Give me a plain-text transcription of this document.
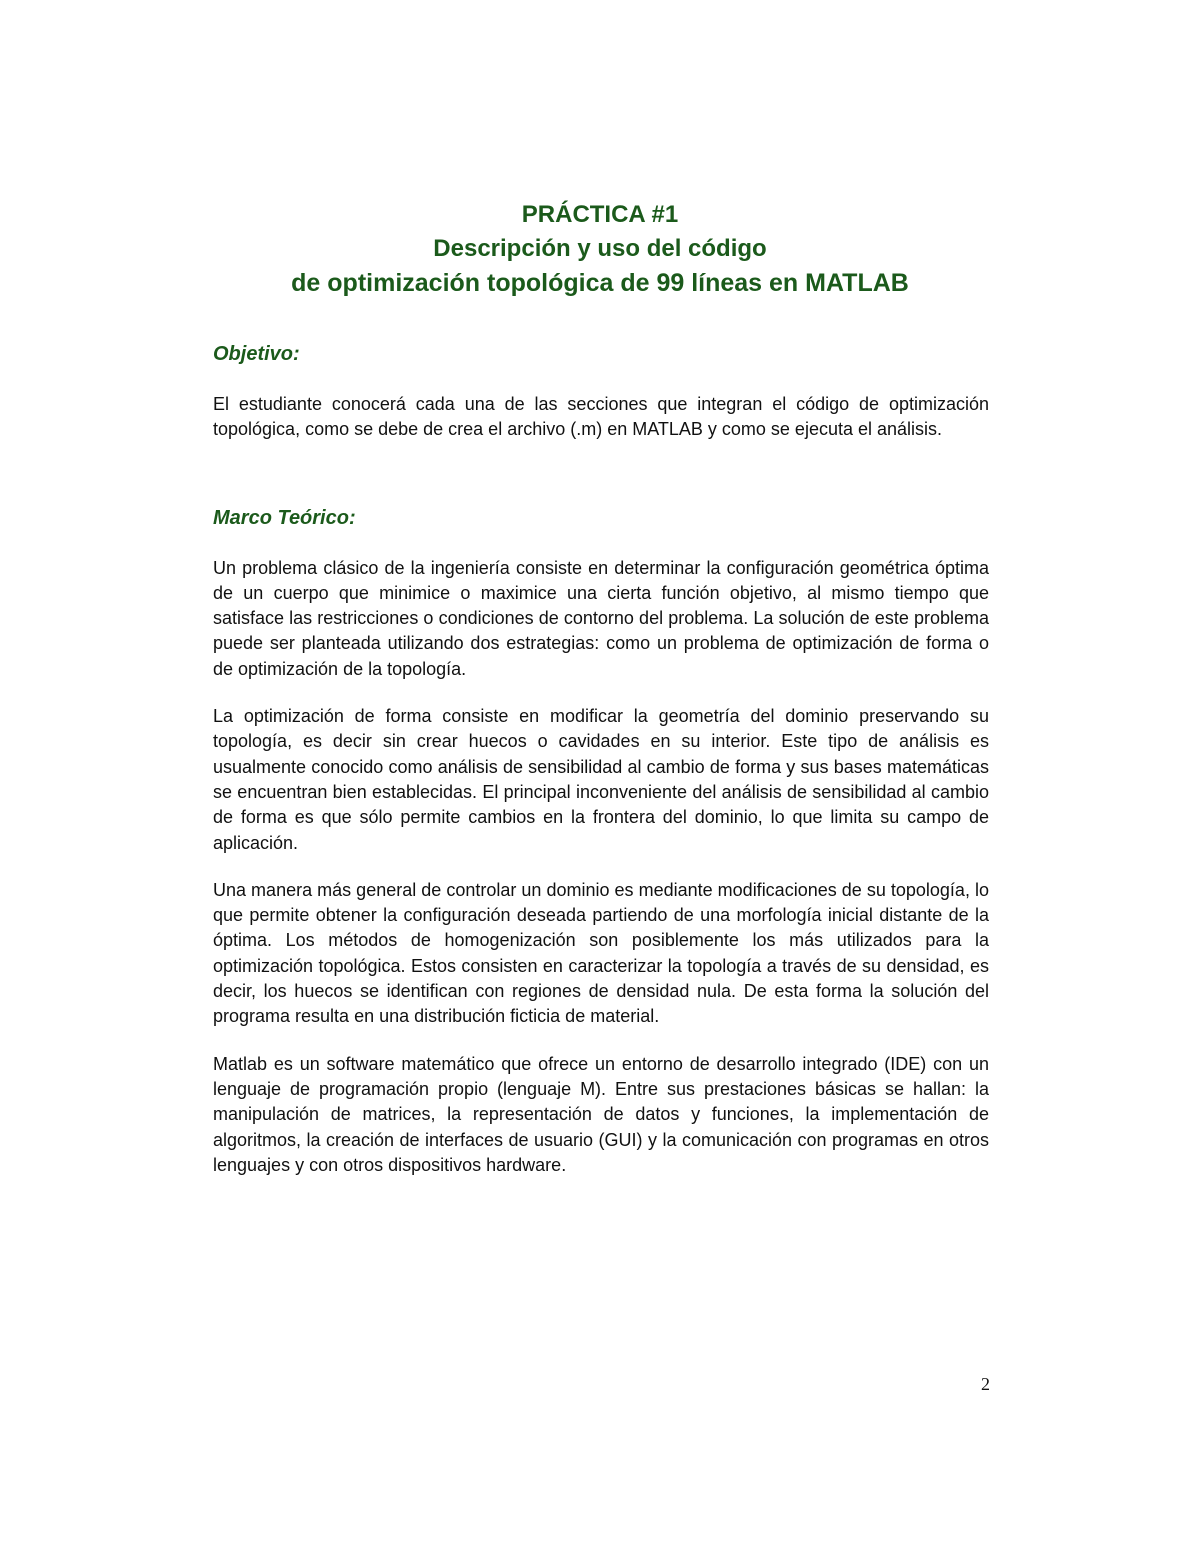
PRÁCTICA #1
Descripción y uso del código
de optimización topológica de 99 líneas en MATLAB

Objetivo:

El estudiante conocerá cada una de las secciones que integran el código de optimización topológica, como se debe de crea el archivo (.m) en MATLAB y como se ejecuta el análisis.

Marco Teórico:

Un problema clásico de la ingeniería consiste en determinar la configuración geométrica óptima de un cuerpo que minimice o maximice una cierta función objetivo, al mismo tiempo que satisface las restricciones o condiciones de contorno del problema. La solución de este problema puede ser planteada utilizando dos estrategias: como un problema de optimización de forma o de optimización de la topología.

La optimización de forma consiste en modificar la geometría del dominio preservando su topología, es decir sin crear huecos o cavidades en su interior. Este tipo de análisis es usualmente conocido como análisis de sensibilidad al cambio de forma y sus bases matemáticas se encuentran bien establecidas. El principal inconveniente del análisis de sensibilidad al cambio de forma es que sólo permite cambios en la frontera del dominio, lo que limita su campo de aplicación.

Una manera más general de controlar un dominio es mediante modificaciones de su topología, lo que permite obtener la configuración deseada partiendo de una morfología inicial distante de la óptima. Los métodos de homogenización son posiblemente los más utilizados para la optimización topológica. Estos consisten en caracterizar la topología a través de su densidad, es decir, los huecos se identifican con regiones de densidad nula. De esta forma la solución del programa resulta en una distribución ficticia de material.

Matlab es un software matemático que ofrece un entorno de desarrollo integrado (IDE) con un lenguaje de programación propio (lenguaje M). Entre sus prestaciones básicas se hallan: la manipulación de matrices, la representación de datos y funciones, la implementación de algoritmos, la creación de interfaces de usuario (GUI) y la comunicación con programas en otros lenguajes y con otros dispositivos hardware.

2
